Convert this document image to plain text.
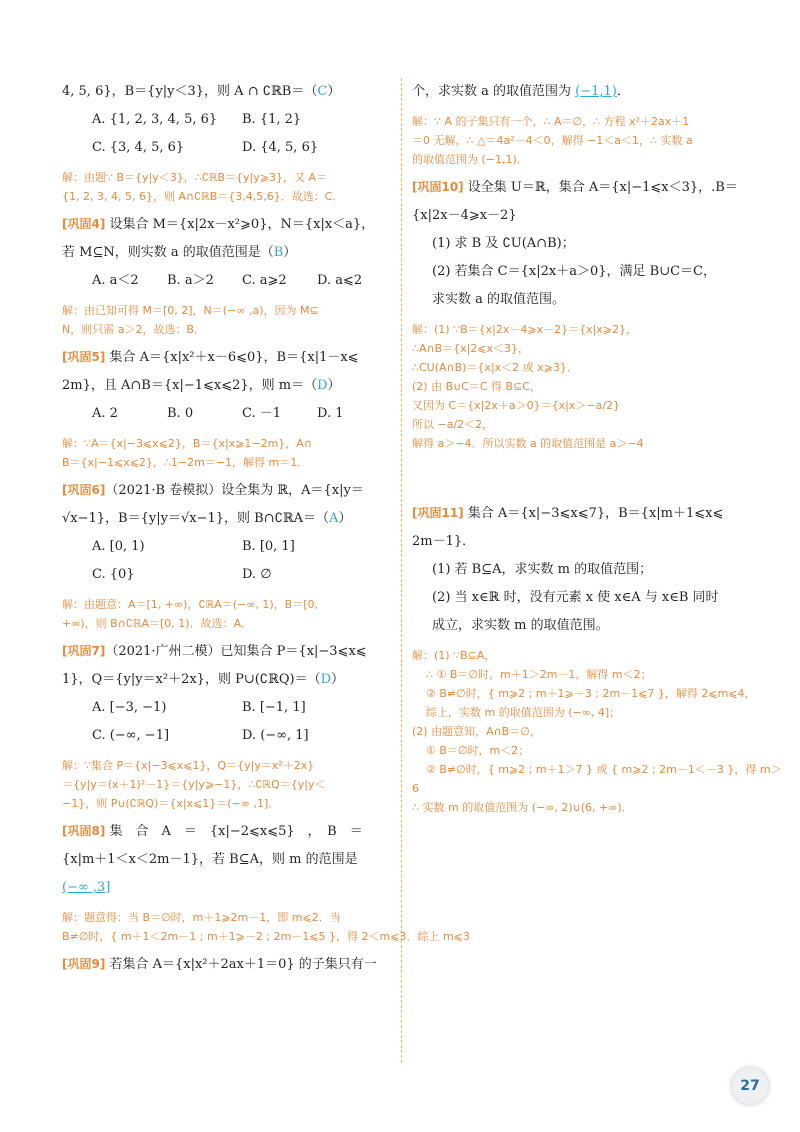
4, 5, 6}，B＝{y|y＜3}，则 A ∩ ∁ℝB＝（C）
A. {1, 2, 3, 4, 5, 6} B. {1, 2}
C. {3, 4, 5, 6}	D. {4, 5, 6}
解：由题∵ B＝{y|y＜3}，∴∁ℝB＝{y|y⩾3}，又 A＝
{1, 2, 3, 4, 5, 6}，则 A∩∁ℝB＝{3,4,5,6}．故选：C．
[巩固4] 设集合 M＝{x|2x－x²⩾0}，N＝{x|x＜a}，
若 M⊆N，则实数 a 的取值范围是（B）
A. a＜2 B. a＞2 C. a⩾2 D. a⩽2
解：由已知可得 M＝[0, 2]，N＝(−∞ ,a)，因为 M⊆
N，则只需 a＞2，故选：B．
[巩固5] 集合 A＝{x|x²＋x－6⩽0}，B＝{x|1－x⩽
2m}，且 A∩B＝{x|−1⩽x⩽2}，则 m＝（D）
A. 2	B. 0	C. －1	D. 1
解：∵A＝{x|−3⩽x⩽2}，B＝{x|x⩾1−2m}，A∩
B＝{x|−1⩽x⩽2}，∴1−2m＝−1，解得 m＝1．
[巩固6]（2021·B 卷模拟）设全集为 ℝ，A＝{x|y＝
√x−1}，B＝{y|y＝√x−1}，则 B∩∁ℝA＝（A）
A. [0, 1)	B. [0, 1]
C. {0}	D. ∅
解：由题意：A＝[1, +∞)，∁ℝA＝(−∞, 1)，B＝[0,
+∞)，则 B∩∁ℝA＝[0, 1)．故选：A．
[巩固7]（2021·广州二模）已知集合 P＝{x|−3⩽x⩽
1}，Q＝{y|y＝x²＋2x}，则 P∪(∁ℝQ)＝（D）
A. [−3, −1)	B. [−1, 1]
C. (−∞, −1]	D. (−∞, 1]
解：∵集合 P＝{x|−3⩽x⩽1}，Q＝{y|y＝x²＋2x}
＝{y|y＝(x＋1)²－1}＝{y|y⩾−1}，∴∁ℝQ＝{y|y＜
−1}，则 P∪(∁ℝQ)＝{x|x⩽1}＝(−∞ ,1]．
[巩固8] 集　合　A　＝　{x|−2⩽x⩽5}　，　B　＝
{x|m＋1＜x＜2m－1}，若 B⊆A，则 m 的范围是
(−∞ ,3]
解：题意得：当 B＝∅时，m＋1⩾2m－1，即 m⩽2．当
B≠∅时，{ m＋1＜2m－1 ; m＋1⩾－2 ; 2m－1⩽5 }，得 2＜m⩽3．综上 m⩽3
[巩固9] 若集合 A＝{x|x²＋2ax＋1＝0} 的子集只有一
个，求实数 a 的取值范围为 (−1,1)．
解：∵ A 的子集只有一个，∴ A＝∅，∴ 方程 x²＋2ax＋1
＝0 无解，∴ △＝4a²－4＜0，解得 −1＜a＜1，∴ 实数 a
的取值范围为 (−1,1)．
[巩固10] 设全集 U＝ℝ，集合 A＝{x|−1⩽x＜3}，.B＝
{x|2x－4⩾x－2}
(1) 求 B 及 ∁U(A∩B)；
(2) 若集合 C＝{x|2x＋a＞0}，满足 B∪C＝C，
求实数 a 的取值范围。
解：(1) ∵B＝{x|2x－4⩾x－2}＝{x|x⩾2}，
∴A∩B＝{x|2⩽x＜3}，
∴CU(A∩B)＝{x|x＜2 或 x⩾3}．
(2) 由 B∪C＝C 得 B⊆C，
又因为 C＝{x|2x＋a＞0}＝{x|x＞−a/2}
所以 −a/2＜2，
解得 a＞−4．所以实数 a 的取值范围是 a＞−4
[巩固11] 集合 A＝{x|−3⩽x⩽7}，B＝{x|m＋1⩽x⩽
2m－1}．
(1) 若 B⊆A，求实数 m 的取值范围；
(2) 当 x∈ℝ 时，没有元素 x 使 x∈A 与 x∈B 同时
成立，求实数 m 的取值范围。
解：(1) ∵B⊆A，
∴ ① B＝∅时，m＋1＞2m－1，解得 m＜2；
② B≠∅时，{ m⩾2 ; m＋1⩾－3 ; 2m－1⩽7 }，解得 2⩽m⩽4，
综上，实数 m 的取值范围为 (−∞, 4]；
(2) 由题意知，A∩B＝∅，
① B＝∅时，m＜2；
② B≠∅时，{ m⩾2 ; m＋1＞7 } 或 { m⩾2 ; 2m－1＜－3 }，得 m＞
6
∴ 实数 m 的取值范围为 (−∞, 2)∪(6, +∞)．
27
